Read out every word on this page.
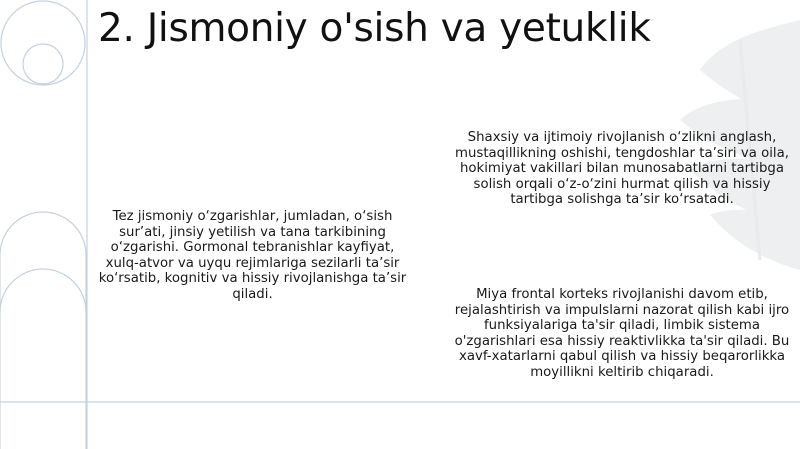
2. Jismoniy o'sish va yetuklik
Tez jismoniy o‘zgarishlar, jumladan, o‘sish sur’ati, jinsiy yetilish va tana tarkibining o‘zgarishi. Gormonal tebranishlar kayfiyat, xulq-atvor va uyqu rejimlariga sezilarli ta’sir ko‘rsatib, kognitiv va hissiy rivojlanishga ta’sir qiladi.
Shaxsiy va ijtimoiy rivojlanish o‘zlikni anglash, mustaqillikning oshishi, tengdoshlar ta’siri va oila, hokimiyat vakillari bilan munosabatlarni tartibga solish orqali o‘z-o‘zini hurmat qilish va hissiy tartibga solishga ta’sir ko‘rsatadi.
Miya frontal korteks rivojlanishi davom etib, rejalashtirish va impulslarni nazorat qilish kabi ijro funksiyalariga ta'sir qiladi, limbik sistema o'zgarishlari esa hissiy reaktivlikka ta'sir qiladi. Bu xavf-xatarlarni qabul qilish va hissiy beqarorlikka moyillikni keltirib chiqaradi.
